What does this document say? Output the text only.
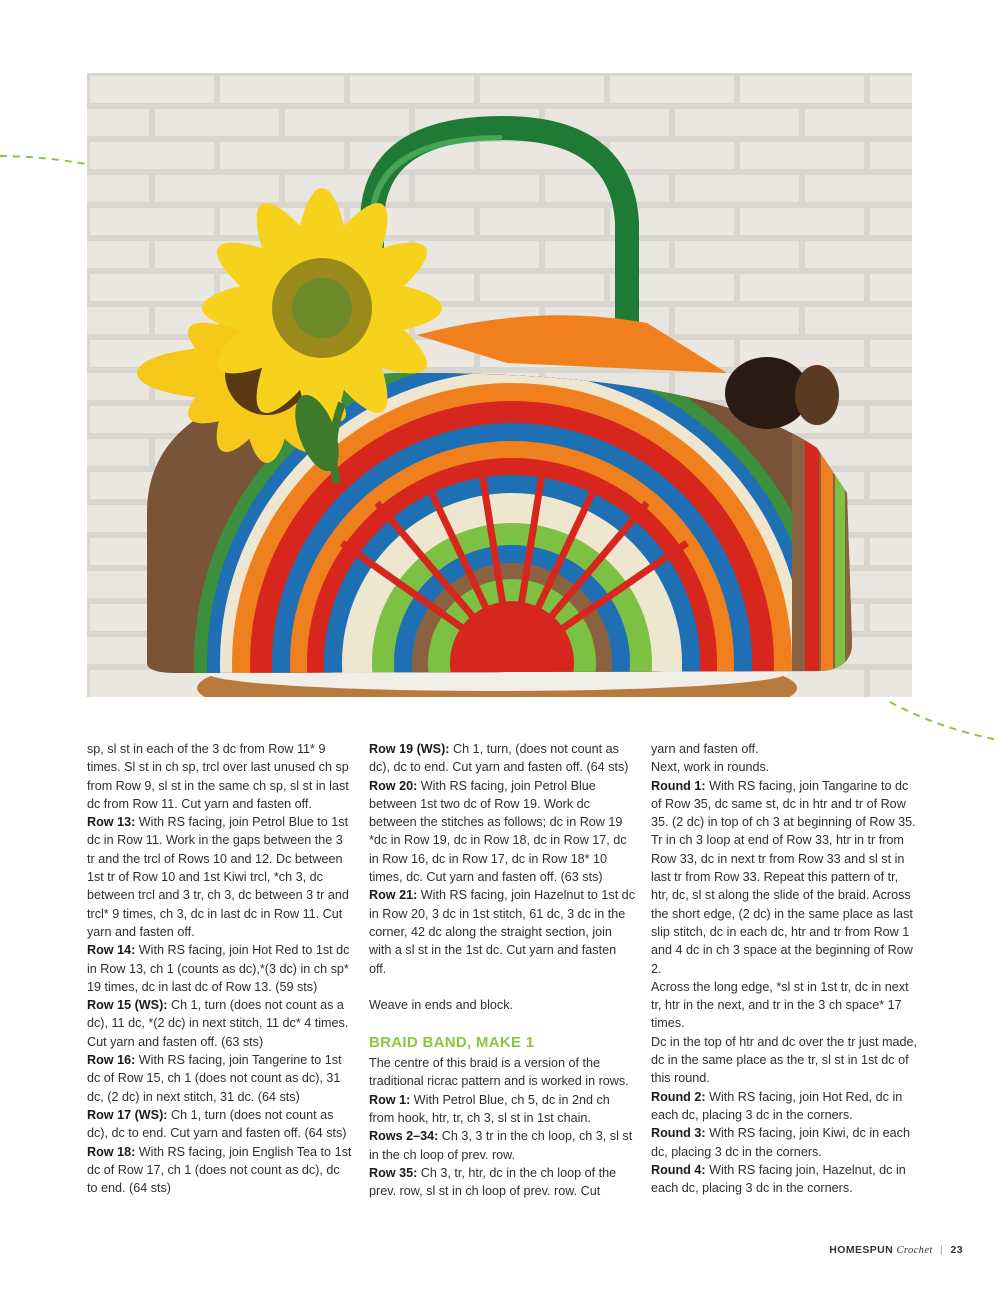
sp, sl st in each of the 3 dc from Row 11* 9 times. Sl st in ch sp, trcl over last unused ch sp from Row 9, sl st in the same ch sp, sl st in last dc from Row 11. Cut yarn and fasten off.

Row 13: With RS facing, join Petrol Blue to 1st dc in Row 11. Work in the gaps between the 3 tr and the trcl of Rows 10 and 12. Dc between 1st tr of Row 10 and 1st Kiwi trcl, *ch 3, dc between trcl and 3 tr, ch 3, dc between 3 tr and trcl* 9 times, ch 3, dc in last dc in Row 11. Cut yarn and fasten off.

Row 14: With RS facing, join Hot Red to 1st dc in Row 13, ch 1 (counts as dc),*(3 dc) in ch sp* 19 times, dc in last dc of Row 13. (59 sts)

Row 15 (WS): Ch 1, turn (does not count as a dc), 11 dc, *(2 dc) in next stitch, 11 dc* 4 times. Cut yarn and fasten off. (63 sts)

Row 16: With RS facing, join Tangerine to 1st dc of Row 15, ch 1 (does not count as dc), 31 dc, (2 dc) in next stitch, 31 dc. (64 sts)

Row 17 (WS): Ch 1, turn (does not count as dc), dc to end. Cut yarn and fasten off. (64 sts)

Row 18: With RS facing, join English Tea to 1st dc of Row 17, ch 1 (does not count as dc), dc to end. (64 sts)

Row 19 (WS): Ch 1, turn, (does not count as dc), dc to end. Cut yarn and fasten off. (64 sts)

Row 20: With RS facing, join Petrol Blue between 1st two dc of Row 19. Work dc between the stitches as follows; dc in Row 19 *dc in Row 19, dc in Row 18, dc in Row 17, dc in Row 16, dc in Row 17, dc in Row 18* 10 times, dc. Cut yarn and fasten off. (63 sts)

Row 21: With RS facing, join Hazelnut to 1st dc in Row 20, 3 dc in 1st stitch, 61 dc, 3 dc in the corner, 42 dc along the straight section, join with a sl st in the 1st dc. Cut yarn and fasten off.

Weave in ends and block.

BRAID BAND, MAKE 1

The centre of this braid is a version of the traditional ricrac pattern and is worked in rows.

Row 1: With Petrol Blue, ch 5, dc in 2nd ch from hook, htr, tr, ch 3, sl st in 1st chain.

Rows 2–34: Ch 3, 3 tr in the ch loop, ch 3, sl st in the ch loop of prev. row.

Row 35: Ch 3, tr, htr, dc in the ch loop of the prev. row, sl st in ch loop of prev. row. Cut

yarn and fasten off.

Next, work in rounds.

Round 1: With RS facing, join Tangarine to dc of Row 35, dc same st, dc in htr and tr of Row 35. (2 dc) in top of ch 3 at beginning of Row 35. Tr in ch 3 loop at end of Row 33, htr in tr from Row 33, dc in next tr from Row 33 and sl st in last tr from Row 33. Repeat this pattern of tr, htr, dc, sl st along the slide of the braid. Across the short edge, (2 dc) in the same place as last slip stitch, dc in each dc, htr and tr from Row 1 and 4 dc in ch 3 space at the beginning of Row 2.

Across the long edge, *sl st in 1st tr, dc in next tr, htr in the next, and tr in the 3 ch space* 17 times.

Dc in the top of htr and dc over the tr just made, dc in the same place as the tr, sl st in 1st dc of this round.

Round 2: With RS facing, join Hot Red, dc in each dc, placing 3 dc in the corners.

Round 3: With RS facing, join Kiwi, dc in each dc, placing 3 dc in the corners.

Round 4: With RS facing join, Hazelnut, dc in each dc, placing 3 dc in the corners.

HOMESPUN Crochet | 23
